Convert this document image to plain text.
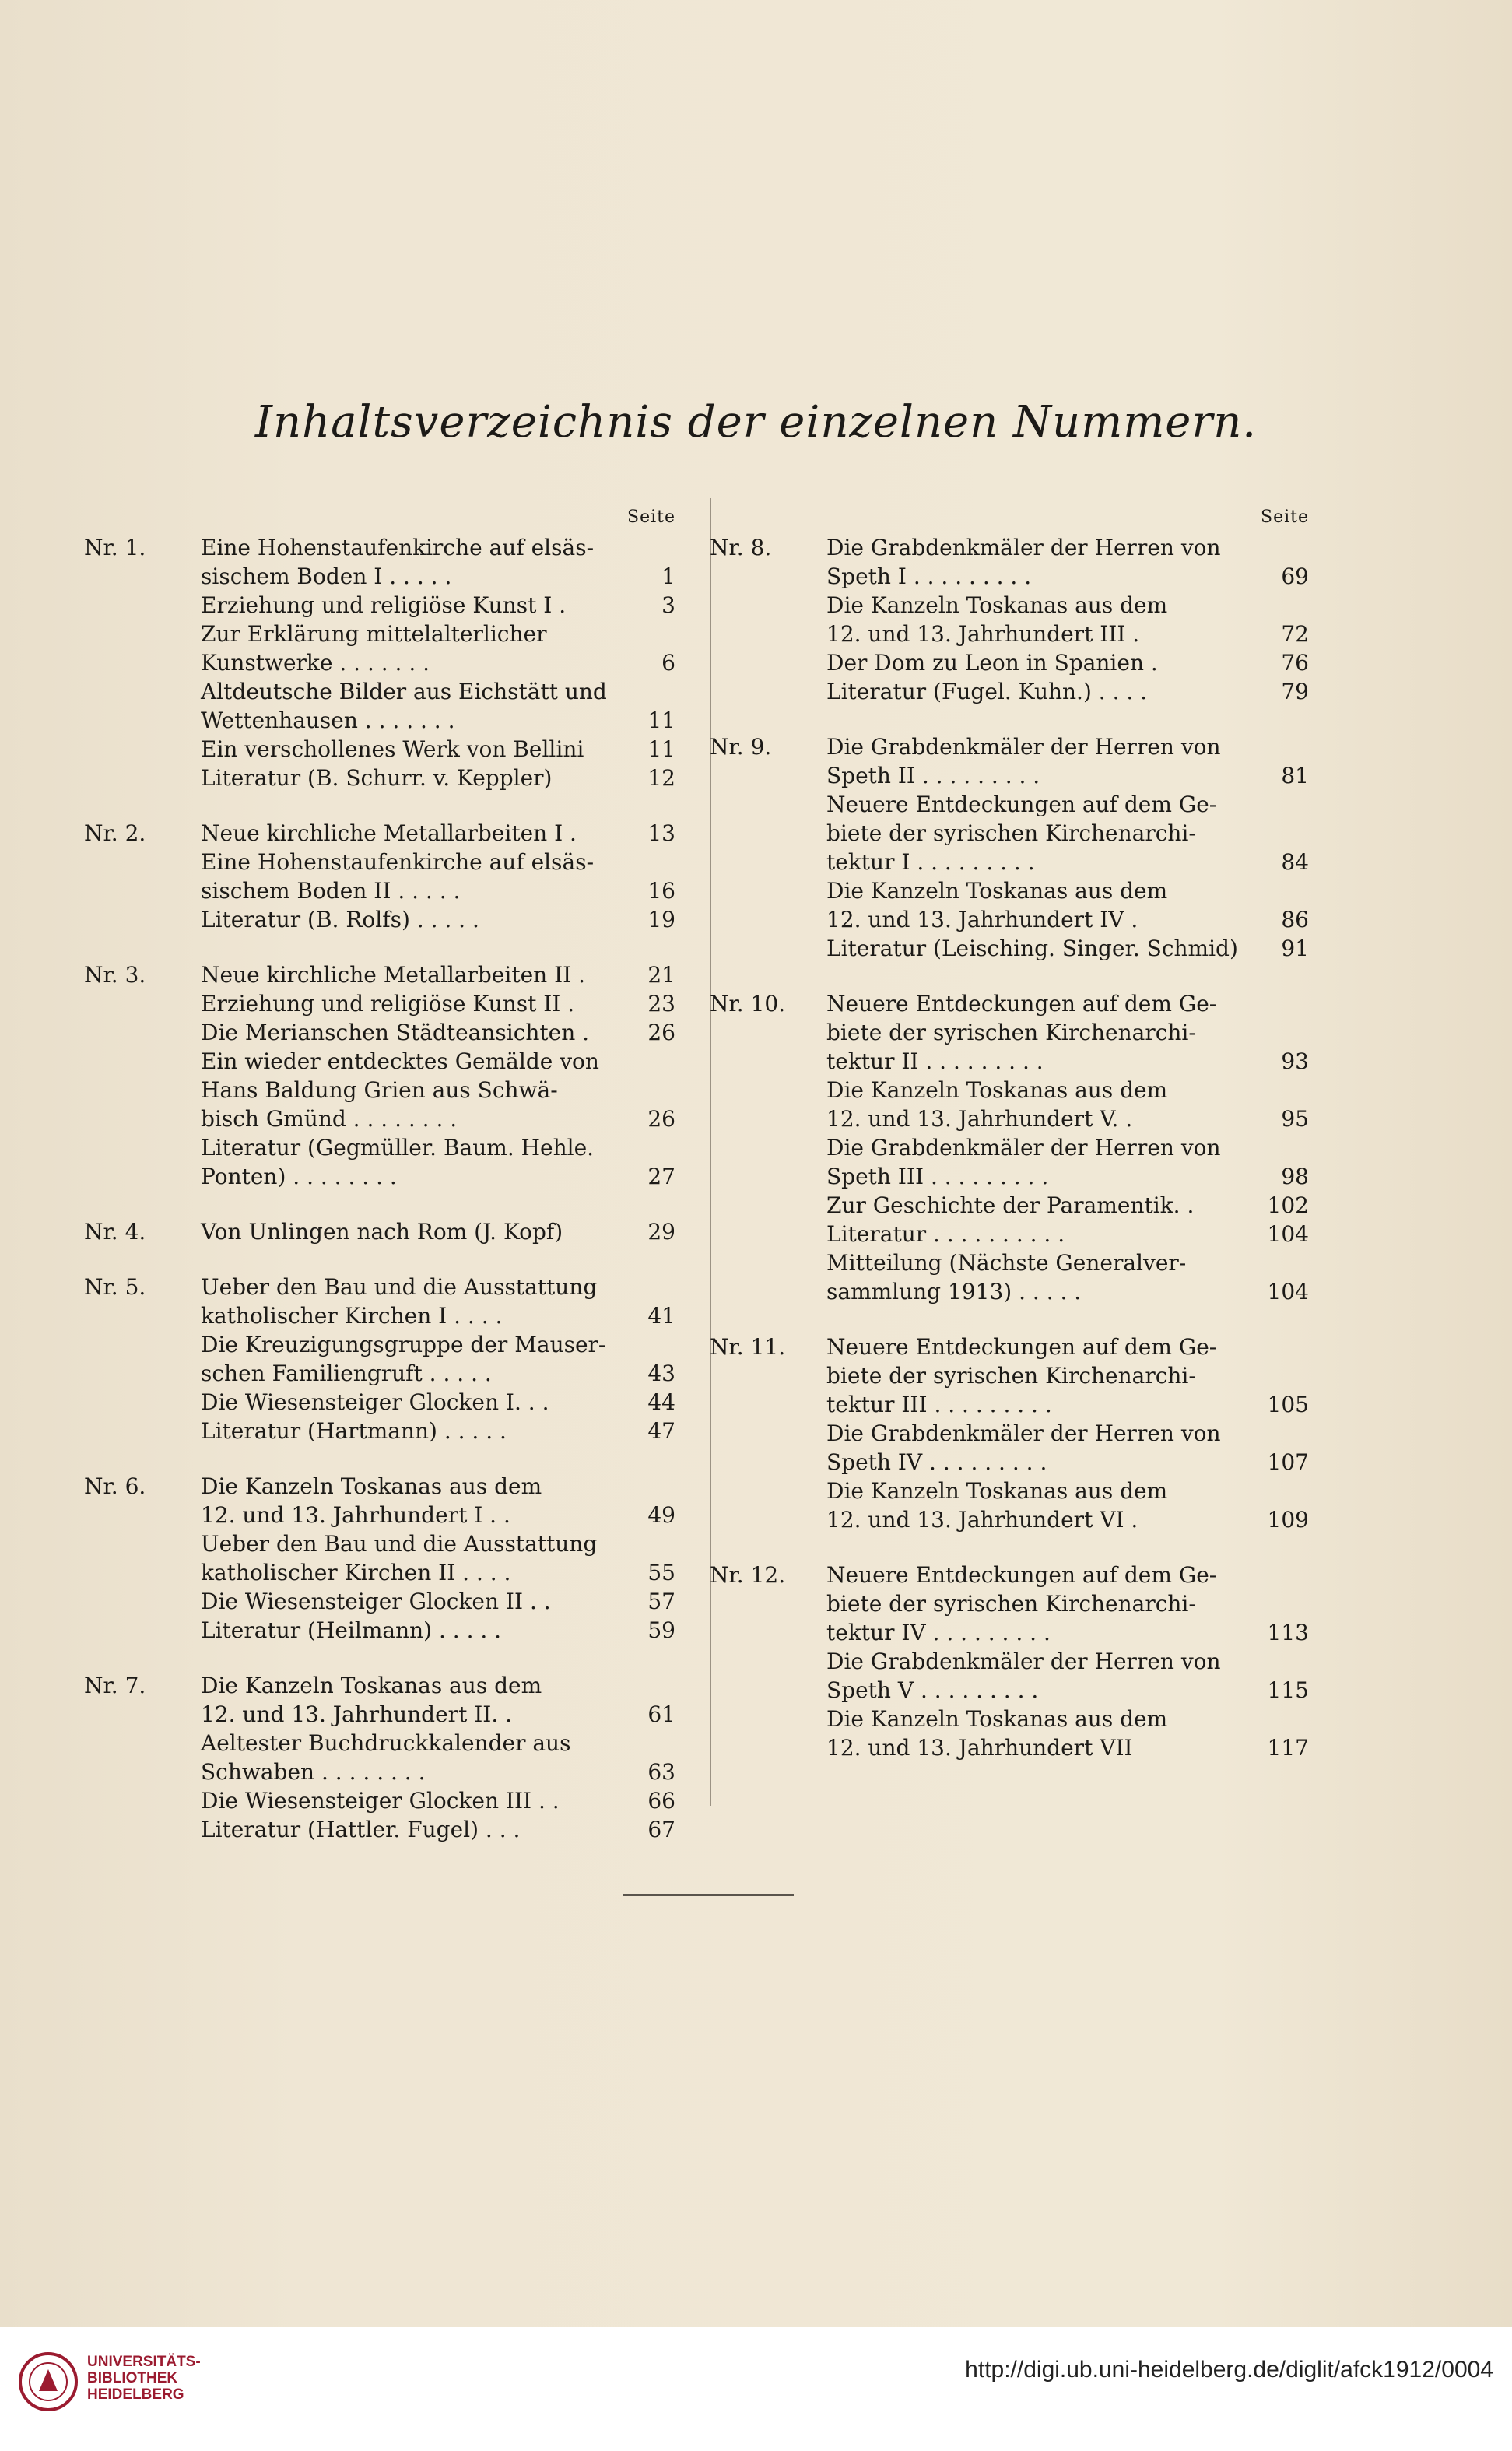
Inhaltsverzeichnis der einzelnen Nummern.
Seite
Nr. 1.	Eine Hohenstaufenkirche auf elsäs-
sischem Boden I . . . . .	1
Erziehung und religiöse Kunst I .	3
Zur Erklärung mittelalterlicher
Kunstwerke . . . . . . .	6
Altdeutsche Bilder aus Eichstätt und
Wettenhausen . . . . . . .	11
Ein verschollenes Werk von Bellini	11
Literatur (B. Schurr. v. Keppler)	12
Nr. 2.	Neue kirchliche Metallarbeiten I .	13
Eine Hohenstaufenkirche auf elsäs-
sischem Boden II . . . . .	16
Literatur (B. Rolfs) . . . . .	19
Nr. 3.	Neue kirchliche Metallarbeiten II .	21
Erziehung und religiöse Kunst II .	23
Die Merianschen Städteansichten .	26
Ein wieder entdecktes Gemälde von
Hans Baldung Grien aus Schwä-
bisch Gmünd . . . . . . . .	26
Literatur (Gegmüller. Baum. Hehle.
Ponten) . . . . . . . .	27
Nr. 4.	Von Unlingen nach Rom (J. Kopf)	29
Nr. 5.	Ueber den Bau und die Ausstattung
katholischer Kirchen I . . . .	41
Die Kreuzigungsgruppe der Mauser-
schen Familiengruft . . . . .	43
Die Wiesensteiger Glocken I. . .	44
Literatur (Hartmann) . . . . .	47
Nr. 6.	Die Kanzeln Toskanas aus dem
12. und 13. Jahrhundert I . .	49
Ueber den Bau und die Ausstattung
katholischer Kirchen II . . . .	55
Die Wiesensteiger Glocken II . .	57
Literatur (Heilmann) . . . . .	59
Nr. 7.	Die Kanzeln Toskanas aus dem
12. und 13. Jahrhundert II. .	61
Aeltester Buchdruckkalender aus
Schwaben . . . . . . . .	63
Die Wiesensteiger Glocken III . .	66
Literatur (Hattler. Fugel) . . .	67
Seite
Nr. 8.	Die Grabdenkmäler der Herren von
Speth I . . . . . . . . .	69
Die Kanzeln Toskanas aus dem
12. und 13. Jahrhundert III .	72
Der Dom zu Leon in Spanien .	76
Literatur (Fugel. Kuhn.) . . . .	79
Nr. 9.	Die Grabdenkmäler der Herren von
Speth II . . . . . . . . .	81
Neuere Entdeckungen auf dem Ge-
biete der syrischen Kirchenarchi-
tektur I . . . . . . . . .	84
Die Kanzeln Toskanas aus dem
12. und 13. Jahrhundert IV .	86
Literatur (Leisching. Singer. Schmid)	91
Nr. 10.	Neuere Entdeckungen auf dem Ge-
biete der syrischen Kirchenarchi-
tektur II . . . . . . . . .	93
Die Kanzeln Toskanas aus dem
12. und 13. Jahrhundert V. .	95
Die Grabdenkmäler der Herren von
Speth III . . . . . . . . .	98
Zur Geschichte der Paramentik. .	102
Literatur . . . . . . . . . .	104
Mitteilung (Nächste Generalver-
sammlung 1913) . . . . .	104
Nr. 11.	Neuere Entdeckungen auf dem Ge-
biete der syrischen Kirchenarchi-
tektur III . . . . . . . . .	105
Die Grabdenkmäler der Herren von
Speth IV . . . . . . . . .	107
Die Kanzeln Toskanas aus dem
12. und 13. Jahrhundert VI .	109
Nr. 12.	Neuere Entdeckungen auf dem Ge-
biete der syrischen Kirchenarchi-
tektur IV . . . . . . . . .	113
Die Grabdenkmäler der Herren von
Speth V . . . . . . . . .	115
Die Kanzeln Toskanas aus dem
12. und 13. Jahrhundert VII	117
UNIVERSITÄTS-
BIBLIOTHEK
HEIDELBERG
http://digi.ub.uni-heidelberg.de/diglit/afck1912/0004
